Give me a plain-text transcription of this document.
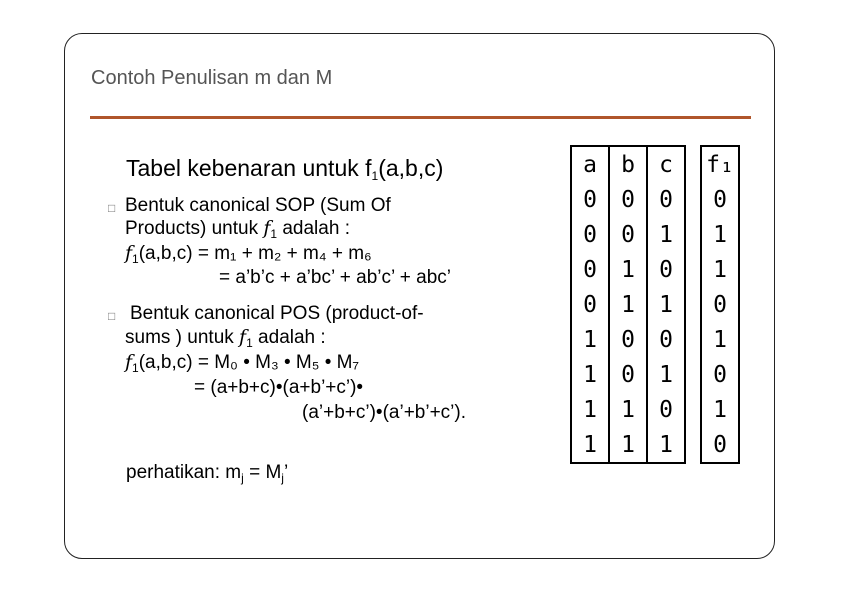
Contoh Penulisan m dan M
Tabel kebenaran untuk $f_1(a,b,c)$
□ Bentuk canonical SOP (Sum Of
Products) untuk $f_1$ adalah :
$f_1(a,b,c) = m_1 + m_2 + m_4 + m_6$
= a’b’c + a’bc’ + ab’c’ + abc’
□ Bentuk canonical POS (product-of-
sums ) untuk $f_1$ adalah :
$f_1(a,b,c) = M_0$ • M₃ • M₅ • M₇
= (a+b+c)•(a+b’+c’)•
(a’+b+c’)•(a’+b’+c’).
perhatikan: $m_j = M_j$’
a	b	c		f₁
0	0	0		0
0	0	1		1
0	1	0		1
0	1	1		0
1	0	0		1
1	0	1		0
1	1	0		1
1	1	1		0
